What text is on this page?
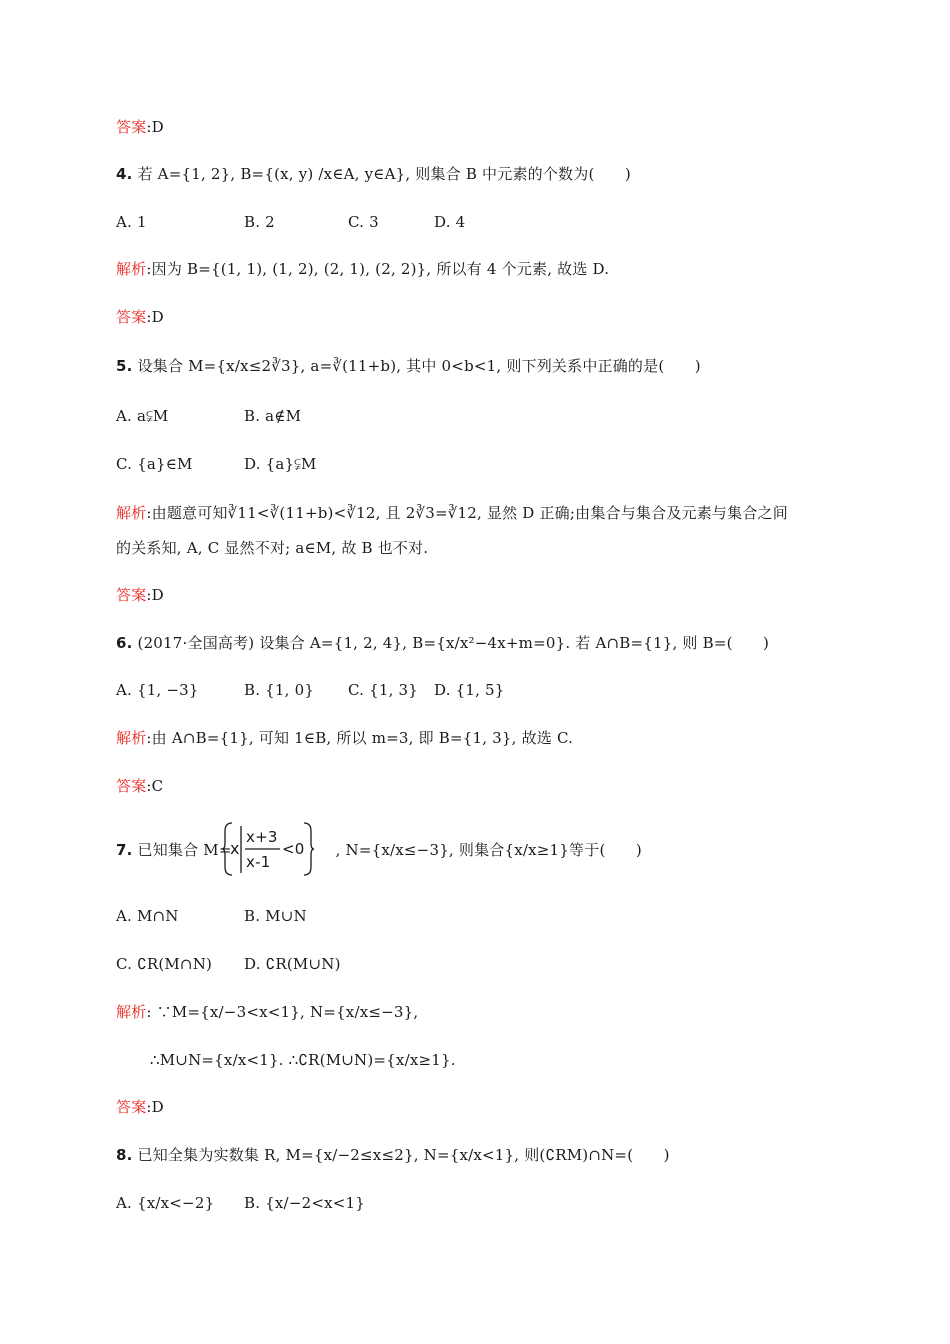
答案:D
4. 若 A={1, 2}, B={(x, y) /x∈A, y∈A}, 则集合 B 中元素的个数为(　　)
A. 1	B. 2	C. 3	D. 4
解析:因为 B={(1, 1), (1, 2), (2, 1), (2, 2)}, 所以有 4 个元素, 故选 D.
答案:D
5. 设集合 M={x/x≤2∛3}, a=∛(11+b), 其中 0<b<1, 则下列关系中正确的是(　　)
A. a⫋M	B. a∉M
C. {a}∈M	D. {a}⫋M
解析:由题意可知∛11<∛(11+b)<∛12, 且 2∛3=∛12, 显然 D 正确;由集合与集合及元素与集合之间
的关系知, A, C 显然不对; a∈M, 故 B 也不对.
答案:D
6. (2017·全国高考) 设集合 A={1, 2, 4}, B={x/x²−4x+m=0}. 若 A∩B={1}, 则 B=(　　)
A. {1, −3}	B. {1, 0} C. {1, 3} D. {1, 5}
解析:由 A∩B={1}, 可知 1∈B, 所以 m=3, 即 B={1, 3}, 故选 C.
答案:C
7. 已知集合 M=
x
x+3
x-1
<0 , N={x/x≤−3}, 则集合{x/x≥1}等于(　　)
A. M∩N	B. M∪N
C. ∁R(M∩N) D. ∁R(M∪N)
解析: ∵M={x/−3<x<1}, N={x/x≤−3},
∴M∪N={x/x<1}. ∴∁R(M∪N)={x/x≥1}.
答案:D
8. 已知全集为实数集 R, M={x/−2≤x≤2}, N={x/x<1}, 则(∁RM)∩N=(　　)
A. {x/x<−2} B. {x/−2<x<1}
